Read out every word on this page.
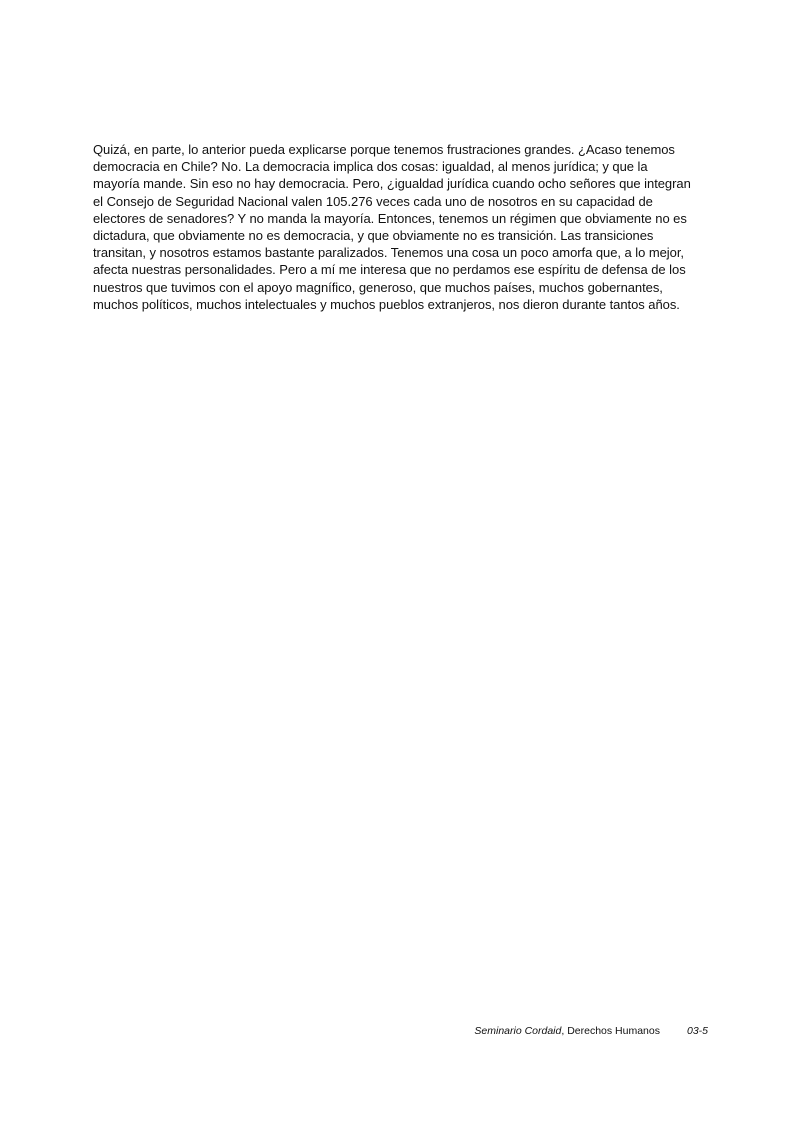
Quizá, en parte, lo anterior pueda explicarse porque tenemos frustraciones grandes. ¿Acaso tenemos
democracia en Chile? No. La democracia implica dos cosas: igualdad, al menos jurídica; y que la
mayoría mande. Sin eso no hay democracia. Pero, ¿igualdad jurídica cuando ocho señores que integran
el Consejo de Seguridad Nacional valen 105.276 veces cada uno de nosotros en su capacidad de
electores de senadores? Y no manda la mayoría. Entonces, tenemos un régimen que obviamente no es
dictadura, que obviamente no es democracia, y que obviamente no es transición. Las transiciones
transitan, y nosotros estamos bastante paralizados. Tenemos una cosa un poco amorfa que, a lo mejor,
afecta nuestras personalidades. Pero a mí me interesa que no perdamos ese espíritu de defensa de los
nuestros que tuvimos con el apoyo magnífico, generoso, que muchos países, muchos gobernantes,
muchos políticos, muchos intelectuales y muchos pueblos extranjeros, nos dieron durante tantos años.

Seminario Cordaid, Derechos Humanos	03-5
